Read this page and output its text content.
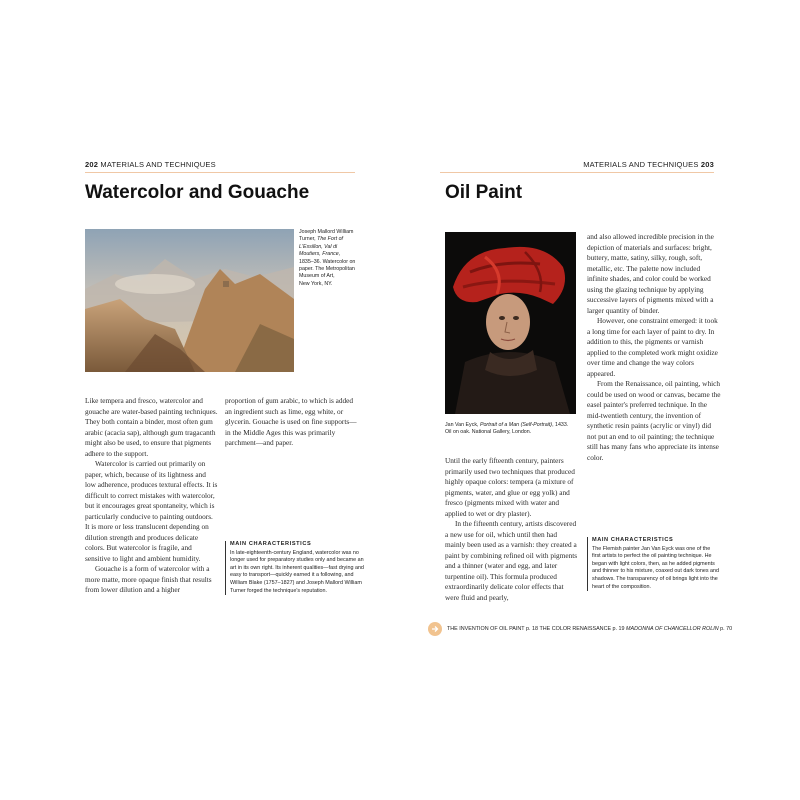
202 MATERIALS AND TECHNIQUES
Watercolor and Gouache
Joseph Mallord William
Turner, The Fort of
L'Essillon, Val di
Moutiers, France,
1835–36. Watercolor on
paper. The Metropolitan
Museum of Art,
New York, NY.

Like tempera and fresco, watercolor and gouache are water-based painting techniques. They both contain a binder, most often gum arabic (acacia sap), although gum tragacanth might also be used, to ensure that pigments adhere to the support.

Watercolor is carried out primarily on paper, which, because of its lightness and low adherence, produces textural effects. It is difficult to correct mistakes with watercolor, but it encourages great spontaneity, which is particularly conducive to painting outdoors. It is more or less translucent depending on dilution strength and produces delicate colors. But watercolor is fragile, and sensitive to light and ambient humidity.

Gouache is a form of watercolor with a more matte, more opaque finish that results from lower dilution and a higher

proportion of gum arabic, to which is added an ingredient such as lime, egg white, or glycerin. Gouache is used on fine supports—in the Middle Ages this was primarily parchment—and paper.

MAIN CHARACTERISTICS
In late-eighteenth-century England, watercolor was no longer used for preparatory studies only and became an art in its own right. Its inherent qualities—fast drying and easy to transport—quickly earned it a following, and William Blake (1757–1827) and Joseph Mallord William Turner forged the technique's reputation.
MATERIALS AND TECHNIQUES 203
Oil Paint
Jan Van Eyck, Portrait of a Man (Self-Portrait), 1433.
Oil on oak. National Gallery, London.

Until the early fifteenth century, painters primarily used two techniques that produced highly opaque colors: tempera (a mixture of pigments, water, and glue or egg yolk) and fresco (pigments mixed with water and applied to wet or dry plaster).

In the fifteenth century, artists discovered a new use for oil, which until then had mainly been used as a varnish: they created a paint by combining refined oil with pigments and a thinner (water and egg, and later turpentine oil). This formula produced extraordinarily delicate color effects that were fluid and pearly,

and also allowed incredible precision in the depiction of materials and surfaces: bright, buttery, matte, satiny, silky, rough, soft, metallic, etc. The palette now included infinite shades, and color could be worked using the glazing technique by applying successive layers of pigments mixed with a larger quantity of binder.

However, one constraint emerged: it took a long time for each layer of paint to dry. In addition to this, the pigments or varnish applied to the completed work might oxidize over time and change the way colors appeared.

From the Renaissance, oil painting, which could be used on wood or canvas, became the easel painter's preferred technique. In the mid-twentieth century, the invention of synthetic resin paints (acrylic or vinyl) did not put an end to oil painting; the technique still has many fans who appreciate its intense color.

MAIN CHARACTERISTICS
The Flemish painter Jan Van Eyck was one of the first artists to perfect the oil painting technique. He began with light colors, then, as he added pigments and thinner to his mixture, coaxed out dark tones and shadows. The transparency of oil brings light into the heart of the composition.
THE INVENTION OF OIL PAINT p. 18
THE COLOR RENAISSANCE p. 19
MADONNA OF CHANCELLOR ROLIN
p. 70
